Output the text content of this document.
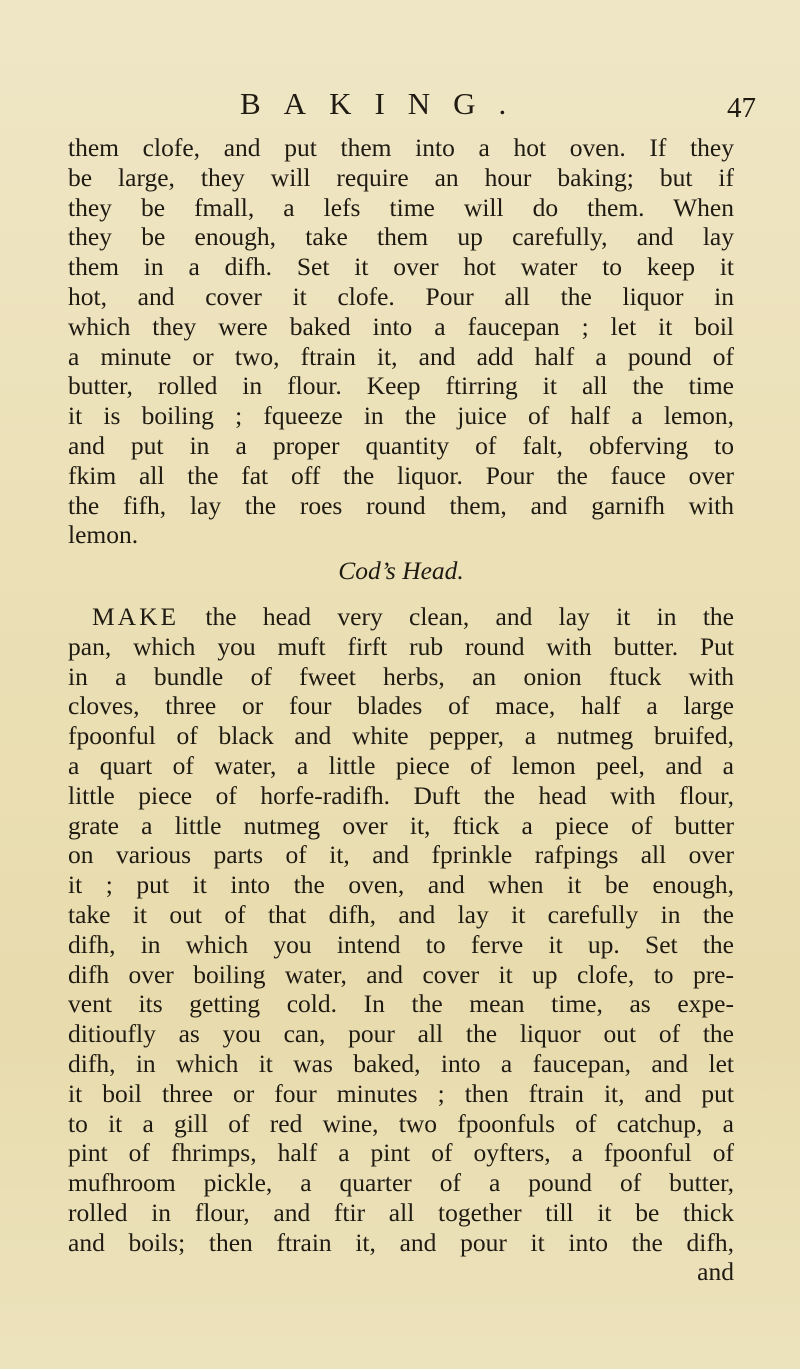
BAKING.	47
them clofe, and put them into a hot oven. If they
be large, they will require an hour baking; but if
they be fmall, a lefs time will do them. When
they be enough, take them up carefully, and lay
them in a difh. Set it over hot water to keep it
hot, and cover it clofe. Pour all the liquor in
which they were baked into a faucepan ; let it boil
a minute or two, ftrain it, and add half a pound of
butter, rolled in flour. Keep ftirring it all the time
it is boiling ; fqueeze in the juice of half a lemon,
and put in a proper quantity of falt, obferving to
fkim all the fat off the liquor. Pour the fauce over
the fifh, lay the roes round them, and garnifh with
lemon.
Cod’s Head.
MAKE the head very clean, and lay it in the
pan, which you muft firft rub round with butter. Put
in a bundle of fweet herbs, an onion ftuck with
cloves, three or four blades of mace, half a large
fpoonful of black and white pepper, a nutmeg bruifed,
a quart of water, a little piece of lemon peel, and a
little piece of horfe-radifh. Duft the head with flour,
grate a little nutmeg over it, ftick a piece of butter
on various parts of it, and fprinkle rafpings all over
it ; put it into the oven, and when it be enough,
take it out of that difh, and lay it carefully in the
difh, in which you intend to ferve it up. Set the
difh over boiling water, and cover it up clofe, to pre-
vent its getting cold. In the mean time, as expe-
ditioufly as you can, pour all the liquor out of the
difh, in which it was baked, into a faucepan, and let
it boil three or four minutes ; then ftrain it, and put
to it a gill of red wine, two fpoonfuls of catchup, a
pint of fhrimps, half a pint of oyfters, a fpoonful of
mufhroom pickle, a quarter of a pound of butter,
rolled in flour, and ftir all together till it be thick
and boils; then ftrain it, and pour it into the difh,
and
